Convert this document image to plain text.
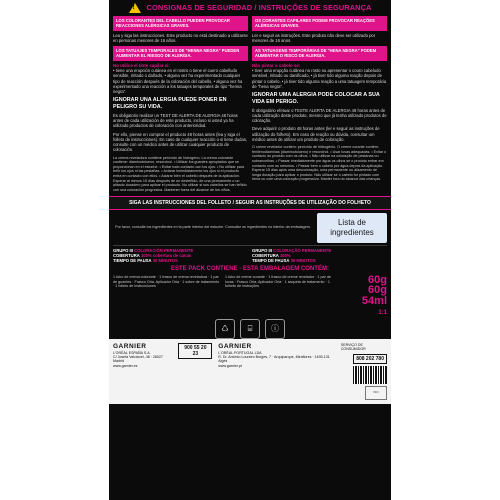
!
CONSIGNAS DE SEGURIDAD / INSTRUÇÕES DE SEGURANÇA
LOS COLORANTES DEL CABELLO PUEDEN PROVOCAR REACCIONES ALÉRGICAS GRAVES.
Lea y siga las instrucciones. Este producto no está destinado a utilizarse en personas menores de 16 años.
LOS TATUAJES TEMPORALES DE "HENNA NEGRA" PUEDEN AUMENTAR EL RIESGO DE ALERGIA.
No utilice el tinte capilar si:
• tiene una erupción cutánea en el rostro o tiene el cuero cabelludo sensible, irritado o dañado, • alguna vez ha experimentado cualquier tipo de reacción después de la coloración del cabello, • alguna vez ha experimentado una reacción a los tatuajes temporales de tipo "henna negra".
IGNORAR UNA ALERGIA PUEDE PONER EN PELIGRO SU VIDA.
Es obligatorio realizar un TEST DE ALERTA DE ALERGIA 48 horas antes de cada utilización de este producto, incluso si usted ya ha utilizado productos de coloración con anterioridad.
Por ello, piense en comprar el producto 48 horas antes (lea y siga el folleto de instrucciones). En caso de cualquier reacción o si tiene dudas, consulte con un médico antes de utilizar cualquier producto de coloración.
La crema reveladora contiene peróxido de hidrógeno. La crema colorante contiene: diaminotolueno, resorcinol. • Utilizar los guantes apropiados que se proporcionan en el estuche. • Evitar todo contacto con los ojos. • No utilizar para teñir los ojos ni las pestañas. • Aclarar inmediatamente los ojos si el producto entra en contacto con ellos. • Aclarar bien el cabello después de la aplicación. Esperar al menos 15 días después de un desteñido, de una permanente o un alisado duradero para aplicar el producto. No utilizar si sus cabellos se han teñido con una coloración progresiva. Mantener fuera del alcance de los niños.
OS CORANTES CAPILARES PODEM PROVOCAR REAÇÕES ALÉRGICAS GRAVES.
Ler e seguir as instruções. Este produto não deve ser utilizado por menores de 16 anos.
AS TATUAGENS TEMPORÁRIAS DE "HENA NEGRA" PODEM AUMENTAR O RISCO DE ALERGIA.
Não pintar o cabelo se:
• tiver uma erupção cutânea no rosto ou apresentar o couro cabeludo sensível, irritado ou danificado, • já tiver tido alguma reação depois de pintar o cabelo, • já tiver tido alguma reação a uma tatuagem temporária de "hena negra".
IGNORAR UMA ALERGIA PODE COLOCAR A SUA VIDA EM PERIGO.
É obrigatório efetuar o TESTE ALERTA DE ALERGIA 48 horas antes de cada utilização deste produto, mesmo que já tenha utilizado produtos de coloração.
Deve adquirir o produto 48 horas antes (ler e seguir as instruções de utilização do folheto). Em caso de reação ou dúvida, consultar um médico antes de utilizar um produto de coloração.
O creme revelador contém: peróxido de hidrogénio. O creme corante contém: fenilenodiaminas (diaminotolueno) e resorcinol. • Usar luvas adequadas. • Evitar o contacto do produto com os olhos. • Não utilizar na coloração de pestanas ou sobrancelhas. • Passar imediatamente por água os olhos se o produto entrar em contacto com os mesmos. • Passar bem o cabelo por água depois da aplicação. Esperar 15 dias após uma descoloração, uma permanente ou alisamento de longa duração para aplicar o produto. Não utilizar se o cabelo for pintado com hena ou com uma coloração progressiva. Manter fora do alcance das crianças.
SIGA LAS INSTRUCCIONES DEL FOLLETO / SEGUIR AS INSTRUÇÕES DE UTILIZAÇÃO DO FOLHETO
Por favor, consulte los ingredientes en la parte interior del estuche. Consultar os ingredientes no interior da embalagem.
Lista de ingredientes
GRUPO III COLORACIÓN PERMANENTE
COBERTURA 100% cobertura de canas
TIEMPO DE PAUSA 30 MINUTOS
GRUPO III COLORAÇÃO PERMANENTE
COBERTURA 100%
TEMPO DE PAUSA 30 MINUTOS
ESTE PACK CONTIENE · ESTA EMBALAGEM CONTÉM:
1 tubo de crema colorante · 1 frasco de crema reveladora · 1 par de guantes · Frasco Oria, Aplicador Oria · 1 sobre de tratamiento · 1 folleto de instrucciones
1 tubo de creme corante · 1 frasco de creme revelador · 1 par de luvas · Frasco Oria, Aplicador Oria · 1 saqueta de tratamento · 1 folheto de instruções
60g
60g
54ml
1:1
♺	⌸	ⓘ
GARNIER
L'ORÉAL ESPAÑA S.A.
C/ Josefa Valcárcel, 48 · 28027 Madrid
www.garnier.es
900 55 20 23
GARNIER
L'ORÉAL PORTUGAL LDA
R. Dr. António Loureiro Borges, 7 · Arquiparque, Miraflores · 1495-131 Algés
www.garnier.pt
SERVIÇO DE CONSUMIDOR
808 202 780
ISO
